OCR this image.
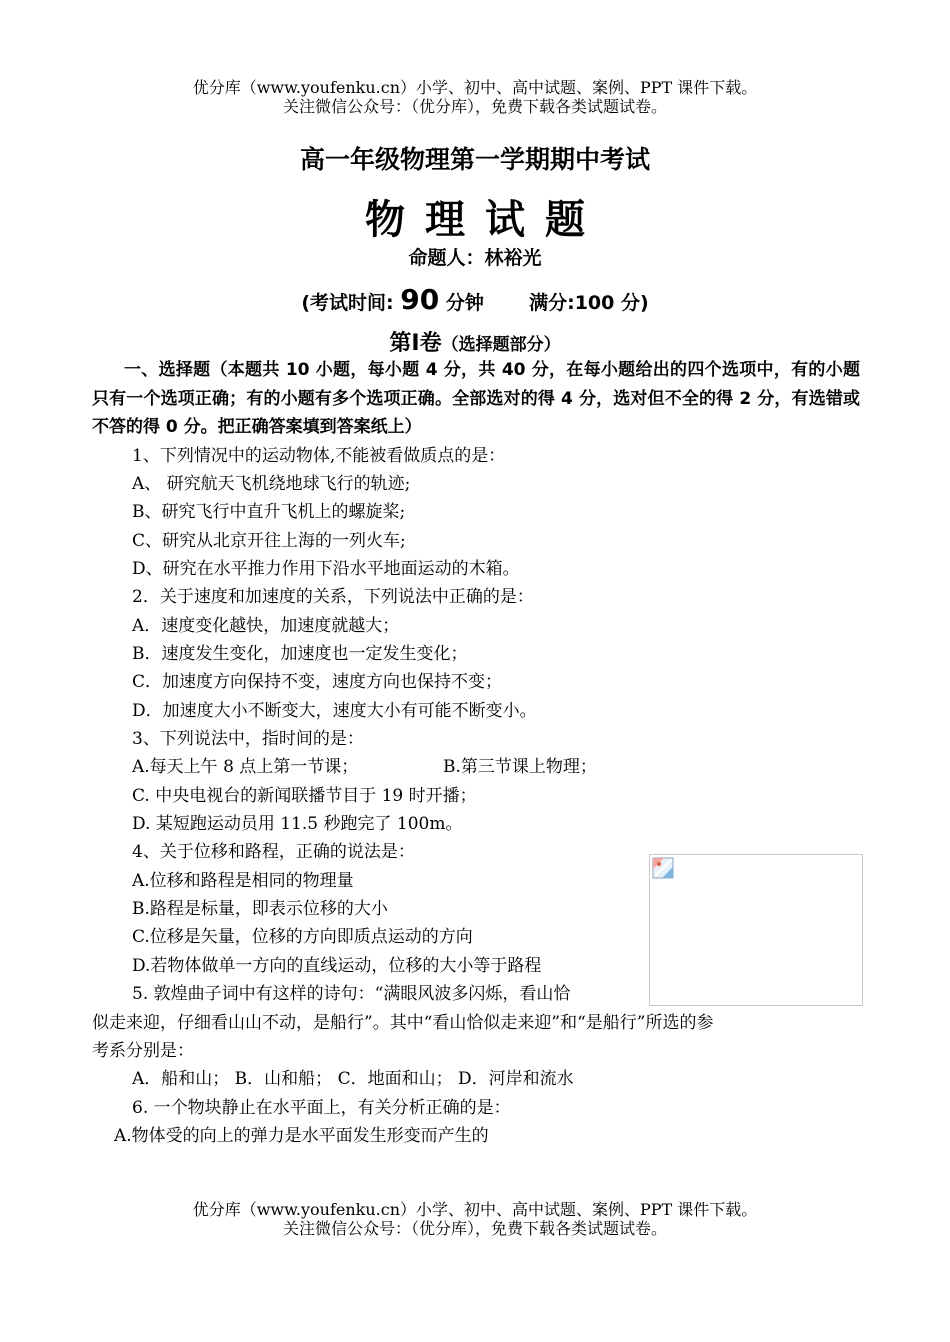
优分库（www.youfenku.cn）小学、初中、高中试题、案例、PPT 课件下载。
关注微信公众号：（优分库），免费下载各类试题试卷。
高一年级物理第一学期期中考试
物理试题
命题人：林裕光
(考试时间: 90 分钟 满分:100 分)
第Ⅰ卷（选择题部分）
一、选择题（本题共 10 小题，每小题 4 分，共 40 分，在每小题给出的四个选项中，有的小题只有一个选项正确；有的小题有多个选项正确。全部选对的得 4 分，选对但不全的得 2 分，有选错或不答的得 0 分。把正确答案填到答案纸上）
1、下列情况中的运动物体,不能被看做质点的是：
A、 研究航天飞机绕地球飞行的轨迹;
B、研究飞行中直升飞机上的螺旋桨;
C、研究从北京开往上海的一列火车;
D、研究在水平推力作用下沿水平地面运动的木箱。
2．关于速度和加速度的关系，下列说法中正确的是：
A．速度变化越快，加速度就越大；
B．速度发生变化，加速度也一定发生变化；
C．加速度方向保持不变，速度方向也保持不变；
D．加速度大小不断变大，速度大小有可能不断变小。
3、下列说法中，指时间的是：
A.每天上午 8 点上第一节课；	B.第三节课上物理；
C. 中央电视台的新闻联播节目于 19 时开播；
D. 某短跑运动员用 11.5 秒跑完了 100m。
4、关于位移和路程，正确的说法是：
A.位移和路程是相同的物理量
B.路程是标量，即表示位移的大小
C.位移是矢量，位移的方向即质点运动的方向
D.若物体做单一方向的直线运动，位移的大小等于路程
5. 敦煌曲子词中有这样的诗句：“满眼风波多闪烁，看山恰
似走来迎，仔细看山山不动，是船行”。其中“看山恰似走来迎”和“是船行”所选的参
考系分别是：
A．船和山； B．山和船； C．地面和山； D．河岸和流水
6. 一个物块静止在水平面上，有关分析正确的是：
A.物体受的向上的弹力是水平面发生形变而产生的
优分库（www.youfenku.cn）小学、初中、高中试题、案例、PPT 课件下载。
关注微信公众号：（优分库），免费下载各类试题试卷。
